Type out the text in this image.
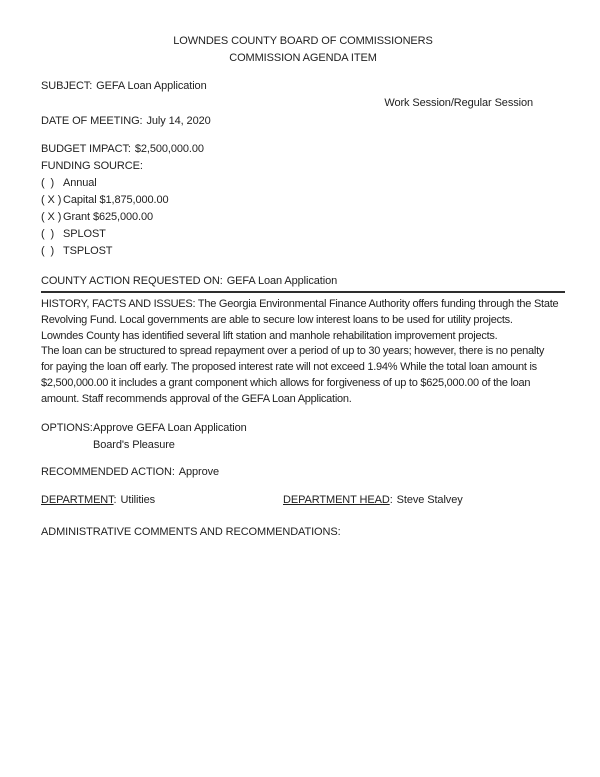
LOWNDES COUNTY BOARD OF COMMISSIONERS
COMMISSION AGENDA ITEM
SUBJECT: GEFA Loan Application
Work Session/Regular Session
DATE OF MEETING: July 14, 2020
BUDGET IMPACT: $2,500,000.00
FUNDING SOURCE:
(  ) Annual
( X ) Capital $1,875,000.00
( X ) Grant $625,000.00
(  ) SPLOST
(  ) TSPLOST
COUNTY ACTION REQUESTED ON: GEFA Loan Application
HISTORY, FACTS AND ISSUES: The Georgia Environmental Finance Authority offers funding through the State
Revolving Fund. Local governments are able to secure low interest loans to be used for utility projects.
Lowndes County has identified several lift station and manhole rehabilitation improvement projects.
The loan can be structured to spread repayment over a period of up to 30 years; however, there is no penalty
for paying the loan off early. The proposed interest rate will not exceed 1.94% While the total loan amount is
$2,500,000.00 it includes a grant component which allows for forgiveness of up to $625,000.00 of the loan
amount. Staff recommends approval of the GEFA Loan Application.
OPTIONS: Approve GEFA Loan Application
Board's Pleasure
RECOMMENDED ACTION: Approve
DEPARTMENT: Utilities	DEPARTMENT HEAD: Steve Stalvey
ADMINISTRATIVE COMMENTS AND RECOMMENDATIONS:
